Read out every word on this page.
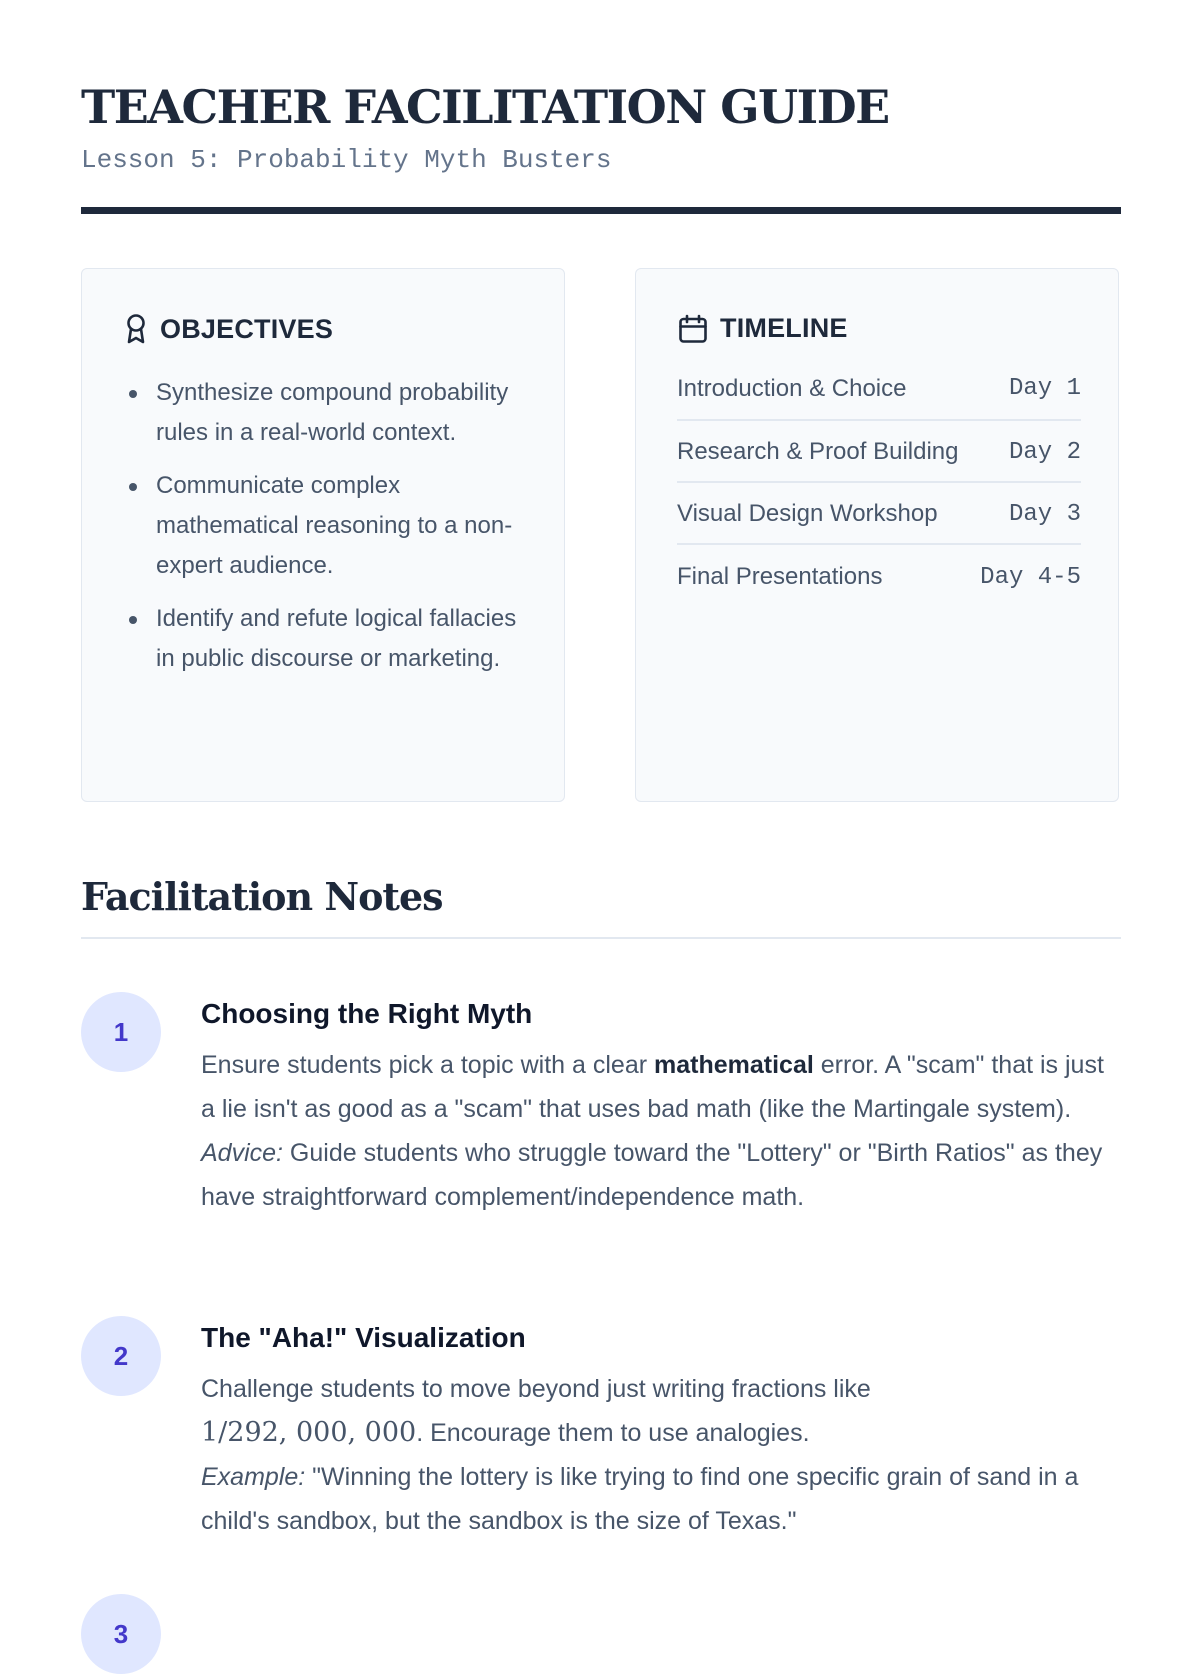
TEACHER FACILITATION GUIDE
Lesson 5: Probability Myth Busters
OBJECTIVES
Synthesize compound probability rules in a real-world context.
Communicate complex mathematical reasoning to a non-expert audience.
Identify and refute logical fallacies in public discourse or marketing.
TIMELINE
Introduction & Choice	Day 1
Research & Proof Building Day 2
Visual Design Workshop	Day 3
Final Presentations	Day 4-5
Facilitation Notes
1
Choosing the Right Myth

Ensure students pick a topic with a clear mathematical error. A "scam" that is just a lie isn't as good as a "scam" that uses bad math (like the Martingale system).
Advice: Guide students who struggle toward the "Lottery" or "Birth Ratios" as they have straightforward complement/independence math.

2
The "Aha!" Visualization

Challenge students to move beyond just writing fractions like
1/292, 000, 000. Encourage them to use analogies.
Example: "Winning the lottery is like trying to find one specific grain of sand in a child's sandbox, but the sandbox is the size of Texas."

3
